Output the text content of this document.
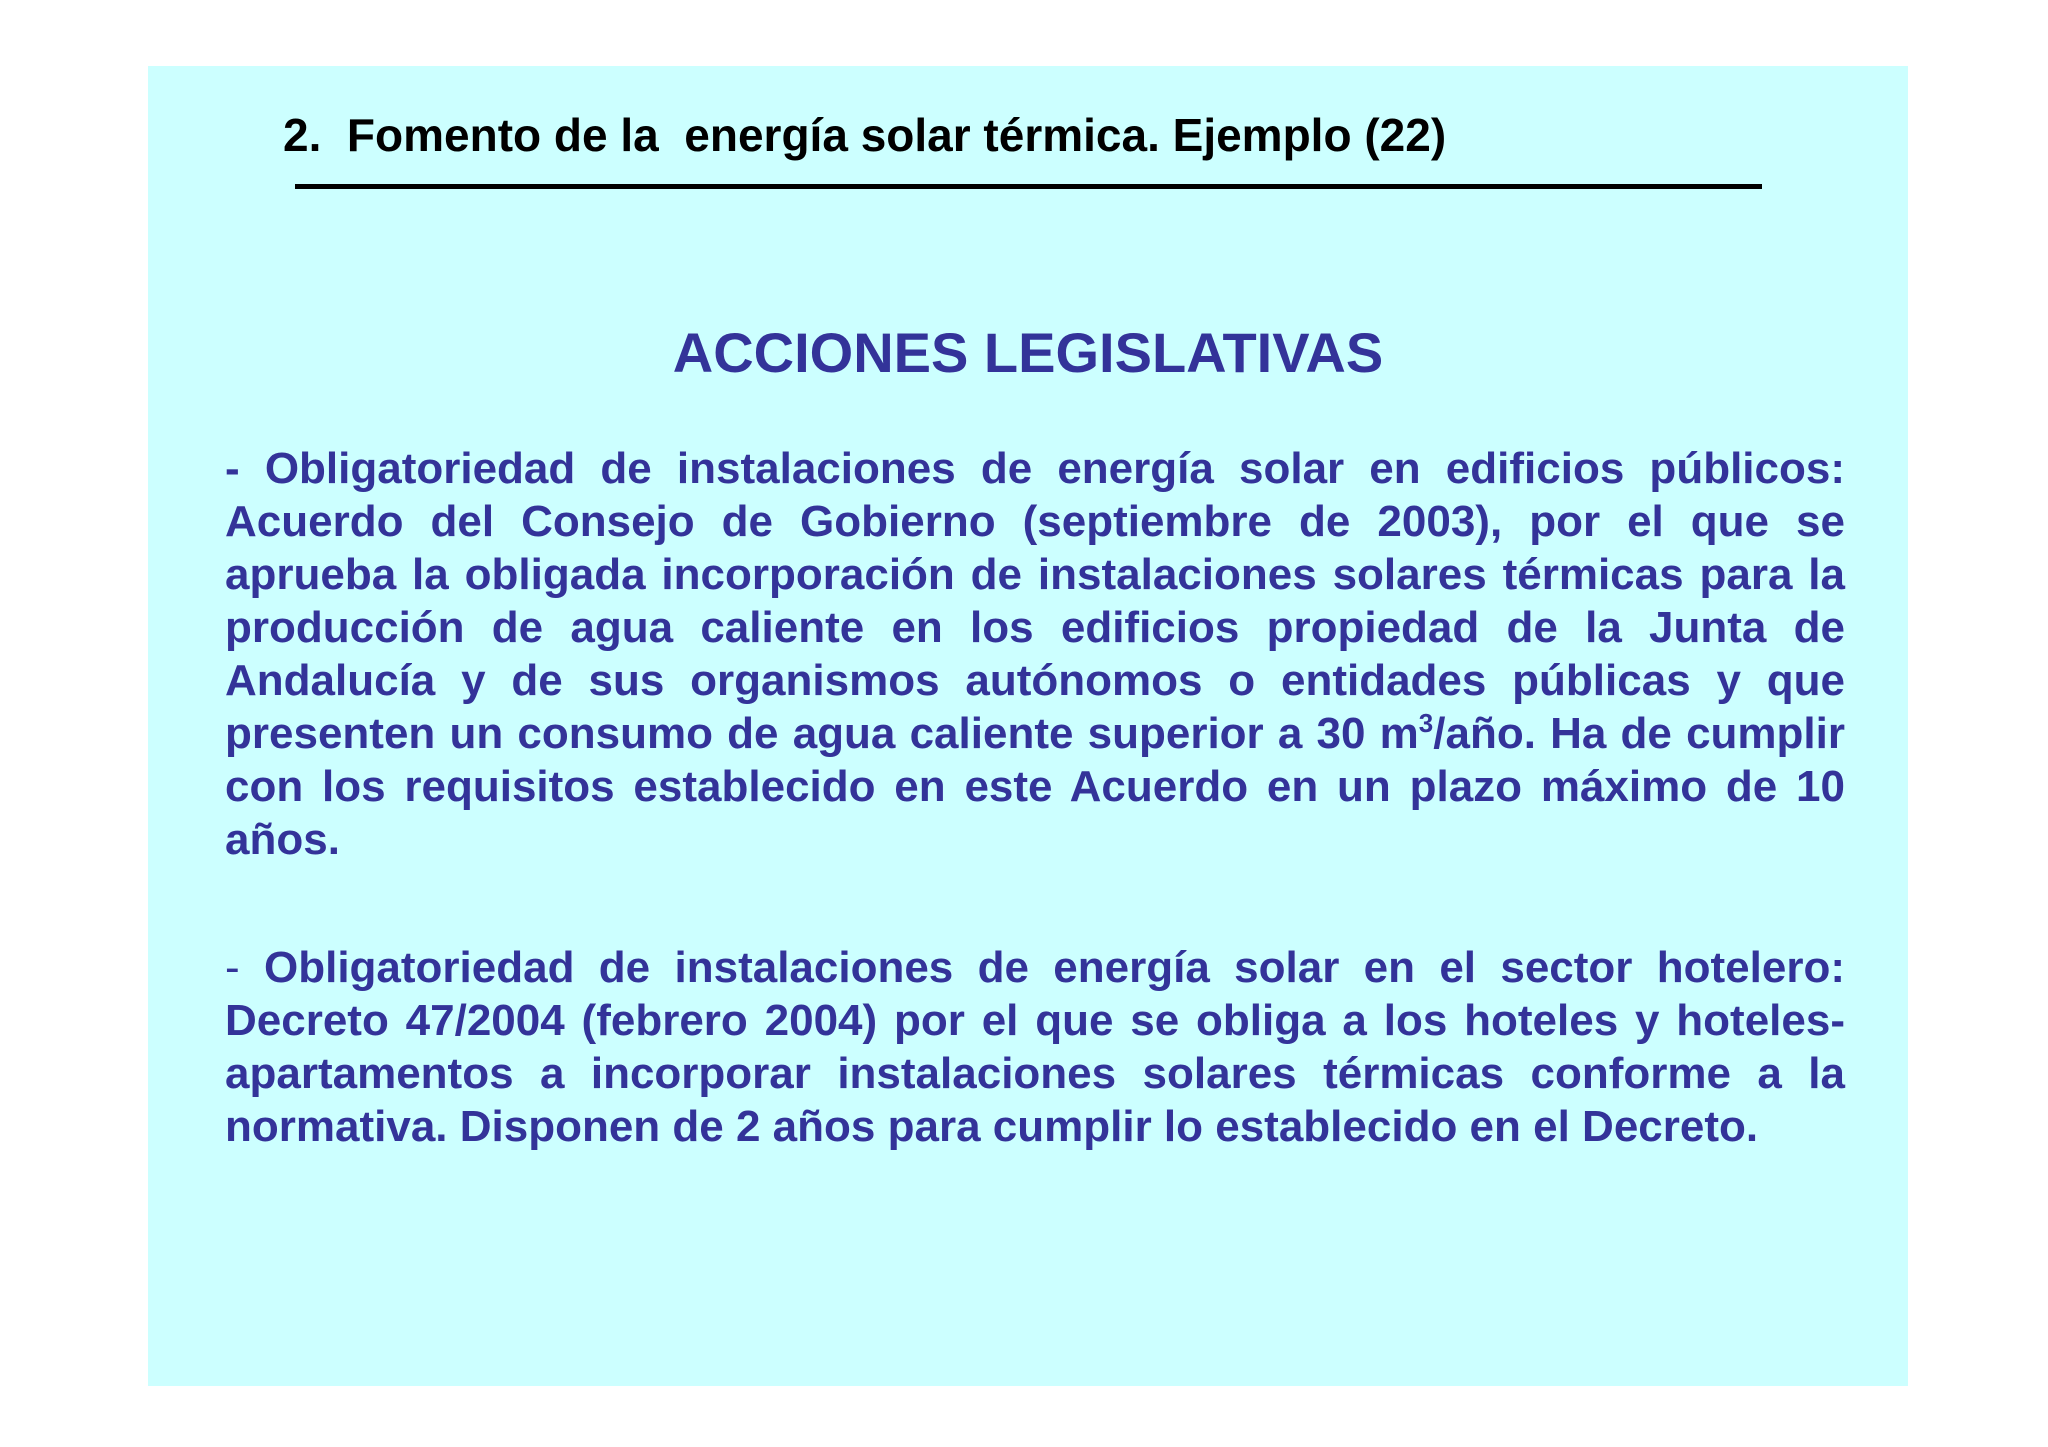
2.  Fomento de la  energía solar térmica. Ejemplo (22)
ACCIONES LEGISLATIVAS

- Obligatoriedad de instalaciones de energía solar en edificios públicos: Acuerdo del Consejo de Gobierno (septiembre de 2003), por el que se aprueba la obligada incorporación de instalaciones solares térmicas para la producción de agua caliente en los edificios propiedad de la Junta de Andalucía y de sus organismos autónomos o entidades públicas y que presenten un consumo de agua caliente superior a 30 $m^3$/año. Ha de cumplir con los requisitos establecido en este Acuerdo en un plazo máximo de 10 años.

- Obligatoriedad de instalaciones de energía solar en el sector hotelero: Decreto 47/2004 (febrero 2004) por el que se obliga a los hoteles y hoteles-apartamentos a incorporar instalaciones solares térmicas conforme a la normativa. Disponen de 2 años para cumplir lo establecido en el Decreto.
